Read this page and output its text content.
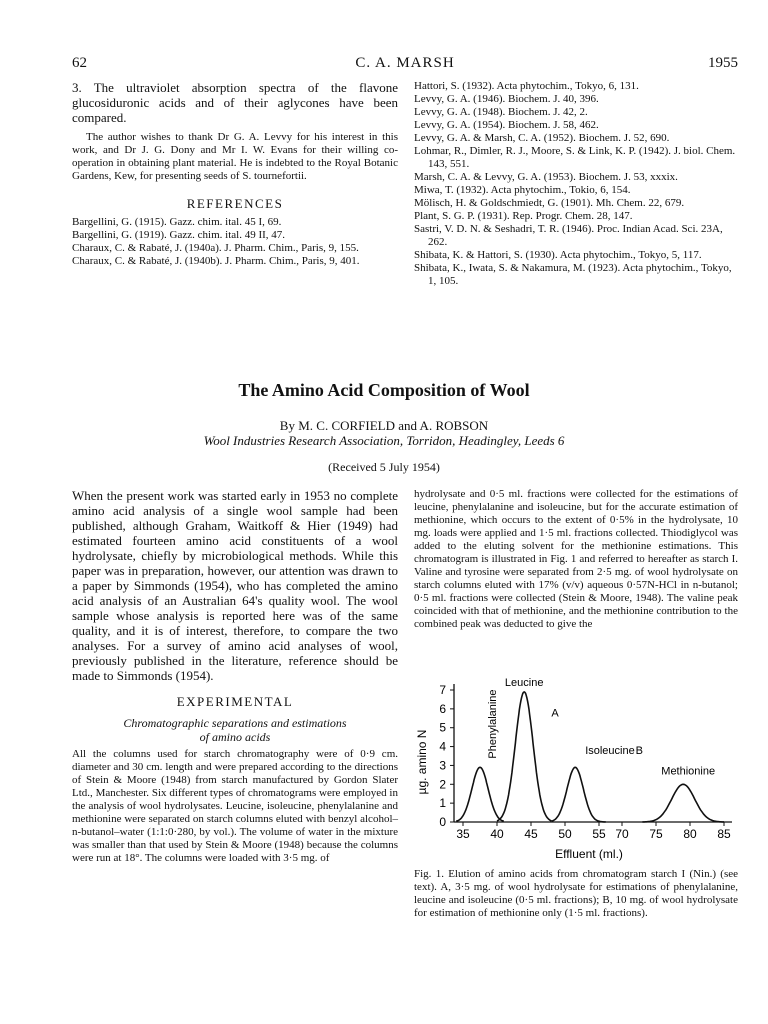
62	C. A. MARSH	1955

3. The ultraviolet absorption spectra of the flavone glucosiduronic acids and of their aglycones have been compared.

The author wishes to thank Dr G. A. Levvy for his interest in this work, and Dr J. G. Dony and Mr I. W. Evans for their willing co-operation in obtaining plant material. He is indebted to the Royal Botanic Gardens, Kew, for presenting seeds of S. tournefortii.

REFERENCES

Bargellini, G. (1915). Gazz. chim. ital. 45 I, 69.

Bargellini, G. (1919). Gazz. chim. ital. 49 II, 47.

Charaux, C. & Rabaté, J. (1940a). J. Pharm. Chim., Paris, 9, 155.

Charaux, C. & Rabaté, J. (1940b). J. Pharm. Chim., Paris, 9, 401.

Hattori, S. (1932). Acta phytochim., Tokyo, 6, 131.

Levvy, G. A. (1946). Biochem. J. 40, 396.

Levvy, G. A. (1948). Biochem. J. 42, 2.

Levvy, G. A. (1954). Biochem. J. 58, 462.

Levvy, G. A. & Marsh, C. A. (1952). Biochem. J. 52, 690.

Lohmar, R., Dimler, R. J., Moore, S. & Link, K. P. (1942). J. biol. Chem. 143, 551.

Marsh, C. A. & Levvy, G. A. (1953). Biochem. J. 53, xxxix.

Miwa, T. (1932). Acta phytochim., Tokio, 6, 154.

Mölisch, H. & Goldschmiedt, G. (1901). Mh. Chem. 22, 679.

Plant, S. G. P. (1931). Rep. Progr. Chem. 28, 147.

Sastri, V. D. N. & Seshadri, T. R. (1946). Proc. Indian Acad. Sci. 23A, 262.

Shibata, K. & Hattori, S. (1930). Acta phytochim., Tokyo, 5, 117.

Shibata, K., Iwata, S. & Nakamura, M. (1923). Acta phytochim., Tokyo, 1, 105.

The Amino Acid Composition of Wool
By M. C. CORFIELD and A. ROBSON
Wool Industries Research Association, Torridon, Headingley, Leeds 6
(Received 5 July 1954)

When the present work was started early in 1953 no complete amino acid analysis of a single wool sample had been published, although Graham, Waitkoff & Hier (1949) had estimated fourteen amino acid constituents of a wool hydrolysate, chiefly by microbiological methods. While this paper was in preparation, however, our attention was drawn to a paper by Simmonds (1954), who has completed the amino acid analysis of an Australian 64's quality wool. The wool sample whose analysis is reported here was of the same quality, and it is of interest, therefore, to compare the two analyses. For a survey of amino acid analyses of wool, previously published in the literature, reference should be made to Simmonds (1954).

EXPERIMENTAL
Chromatographic separations and estimations
of amino acids

All the columns used for starch chromatography were of 0·9 cm. diameter and 30 cm. length and were prepared according to the directions of Stein & Moore (1948) from starch manufactured by Gordon Slater Ltd., Manchester. Six different types of chromatograms were employed in the analysis of wool hydrolysates. Leucine, isoleucine, phenylalanine and methionine were separated on starch columns eluted with benzyl alcohol–n-butanol–water (1:1:0·280, by vol.). The volume of water in the mixture was smaller than that used by Stein & Moore (1948) because the columns were run at 18°. The columns were loaded with 3·5 mg. of

hydrolysate and 0·5 ml. fractions were collected for the estimations of leucine, phenylalanine and isoleucine, but for the accurate estimation of methionine, which occurs to the extent of 0·5% in the hydrolysate, 10 mg. loads were applied and 1·5 ml. fractions collected. Thiodiglycol was added to the eluting solvent for the methionine estimations. This chromatogram is illustrated in Fig. 1 and referred to hereafter as starch I. Valine and tyrosine were separated from 2·5 mg. of wool hydrolysate on starch columns eluted with 17% (v/v) aqueous 0·57N-HCl in n-butanol; 0·5 ml. fractions were collected (Stein & Moore, 1948). The valine peak coincided with that of methionine, and the methionine contribution to the combined peak was deducted to give the

0
1
2
3
4
5
6
7
35 40 45 50 55 70 75 80 85
Effluent (ml.)
µg. amino N
Phenylalanine
Leucine
Isoleucine
Methionine
A
B
Fig. 1. Elution of amino acids from chromatogram starch I (Nin.) (see text). A, 3·5 mg. of wool hydrolysate for estimations of phenylalanine, leucine and isoleucine (0·5 ml. fractions); B, 10 mg. of wool hydrolysate for estimation of methionine only (1·5 ml. fractions).
